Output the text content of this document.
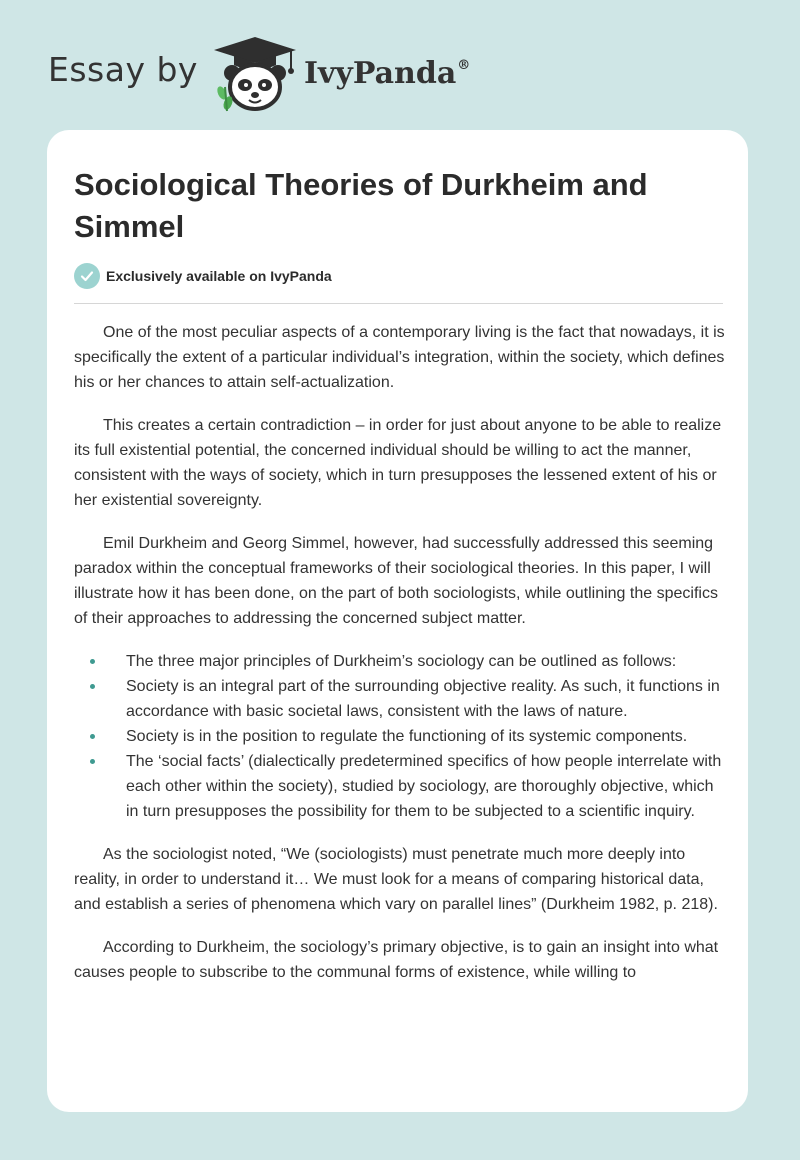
Essay by	IvyPanda®
Sociological Theories of Durkheim and Simmel
Exclusively available on IvyPanda

One of the most peculiar aspects of a contemporary living is the fact that nowadays, it is specifically the extent of a particular individual’s integration, within the society, which defines his or her chances to attain self-actualization.

This creates a certain contradiction – in order for just about anyone to be able to realize its full existential potential, the concerned individual should be willing to act the manner, consistent with the ways of society, which in turn presupposes the lessened extent of his or her existential sovereignty.

Emil Durkheim and Georg Simmel, however, had successfully addressed this seeming paradox within the conceptual frameworks of their sociological theories. In this paper, I will illustrate how it has been done, on the part of both sociologists, while outlining the specifics of their approaches to addressing the concerned subject matter.

The three major principles of Durkheim’s sociology can be outlined as follows:
Society is an integral part of the surrounding objective reality. As such, it functions in accordance with basic societal laws, consistent with the laws of nature.
Society is in the position to regulate the functioning of its systemic components.
The ‘social facts’ (dialectically predetermined specifics of how people interrelate with each other within the society), studied by sociology, are thoroughly objective, which in turn presupposes the possibility for them to be subjected to a scientific inquiry.

As the sociologist noted, “We (sociologists) must penetrate much more deeply into reality, in order to understand it… We must look for a means of comparing historical data, and establish a series of phenomena which vary on parallel lines” (Durkheim 1982, p. 218).

According to Durkheim, the sociology’s primary objective, is to gain an insight into what causes people to subscribe to the communal forms of existence, while willing to
